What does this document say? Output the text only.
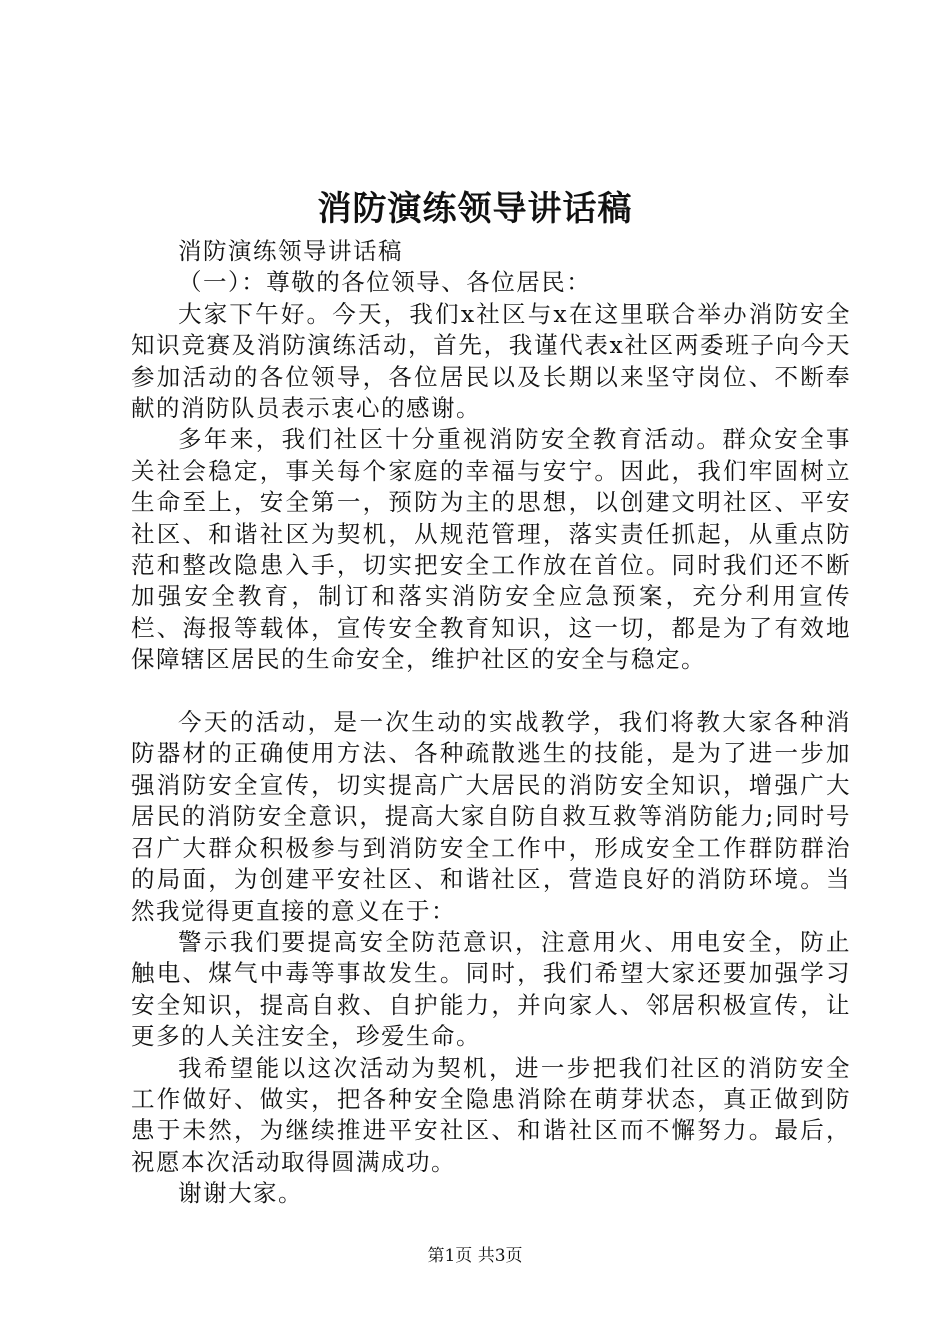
消防演练领导讲话稿

消防演练领导讲话稿

（一）：尊敬的各位领导、各位居民：

大家下午好。今天，我们x社区与x在这里联合举办消防安全知识竞赛及消防演练活动，首先，我谨代表x社区两委班子向今天参加活动的各位领导，各位居民以及长期以来坚守岗位、不断奉献的消防队员表示衷心的感谢。

多年来，我们社区十分重视消防安全教育活动。群众安全事关社会稳定，事关每个家庭的幸福与安宁。因此，我们牢固树立生命至上，安全第一，预防为主的思想，以创建文明社区、平安社区、和谐社区为契机，从规范管理，落实责任抓起，从重点防范和整改隐患入手，切实把安全工作放在首位。同时我们还不断加强安全教育，制订和落实消防安全应急预案，充分利用宣传栏、海报等载体，宣传安全教育知识，这一切，都是为了有效地保障辖区居民的生命安全，维护社区的安全与稳定。

今天的活动，是一次生动的实战教学，我们将教大家各种消防器材的正确使用方法、各种疏散逃生的技能，是为了进一步加强消防安全宣传，切实提高广大居民的消防安全知识，增强广大居民的消防安全意识，提高大家自防自救互救等消防能力;同时号召广大群众积极参与到消防安全工作中，形成安全工作群防群治的局面，为创建平安社区、和谐社区，营造良好的消防环境。当然我觉得更直接的意义在于：

警示我们要提高安全防范意识，注意用火、用电安全，防止触电、煤气中毒等事故发生。同时，我们希望大家还要加强学习安全知识，提高自救、自护能力，并向家人、邻居积极宣传，让更多的人关注安全，珍爱生命。

我希望能以这次活动为契机，进一步把我们社区的消防安全工作做好、做实，把各种安全隐患消除在萌芽状态，真正做到防患于未然，为继续推进平安社区、和谐社区而不懈努力。最后，祝愿本次活动取得圆满成功。

谢谢大家。

第1页 共3页
